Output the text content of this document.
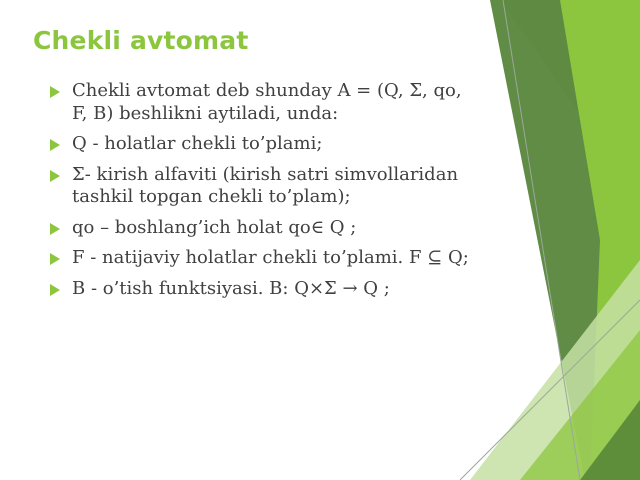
Chekli avtomat
Chekli avtomat deb shunday A = (Q, Σ, qo, F, B) beshlikni aytiladi, unda:
Q - holatlar chekli to’plami;
Σ- kirish alfaviti (kirish satri simvollaridan tashkil topgan chekli to’plam);
qo – boshlang’ich holat qo∈ Q ;
F - natijaviy holatlar chekli to’plami. F ⊆ Q;
B - o’tish funktsiyasi. B: Q×Σ → Q ;
